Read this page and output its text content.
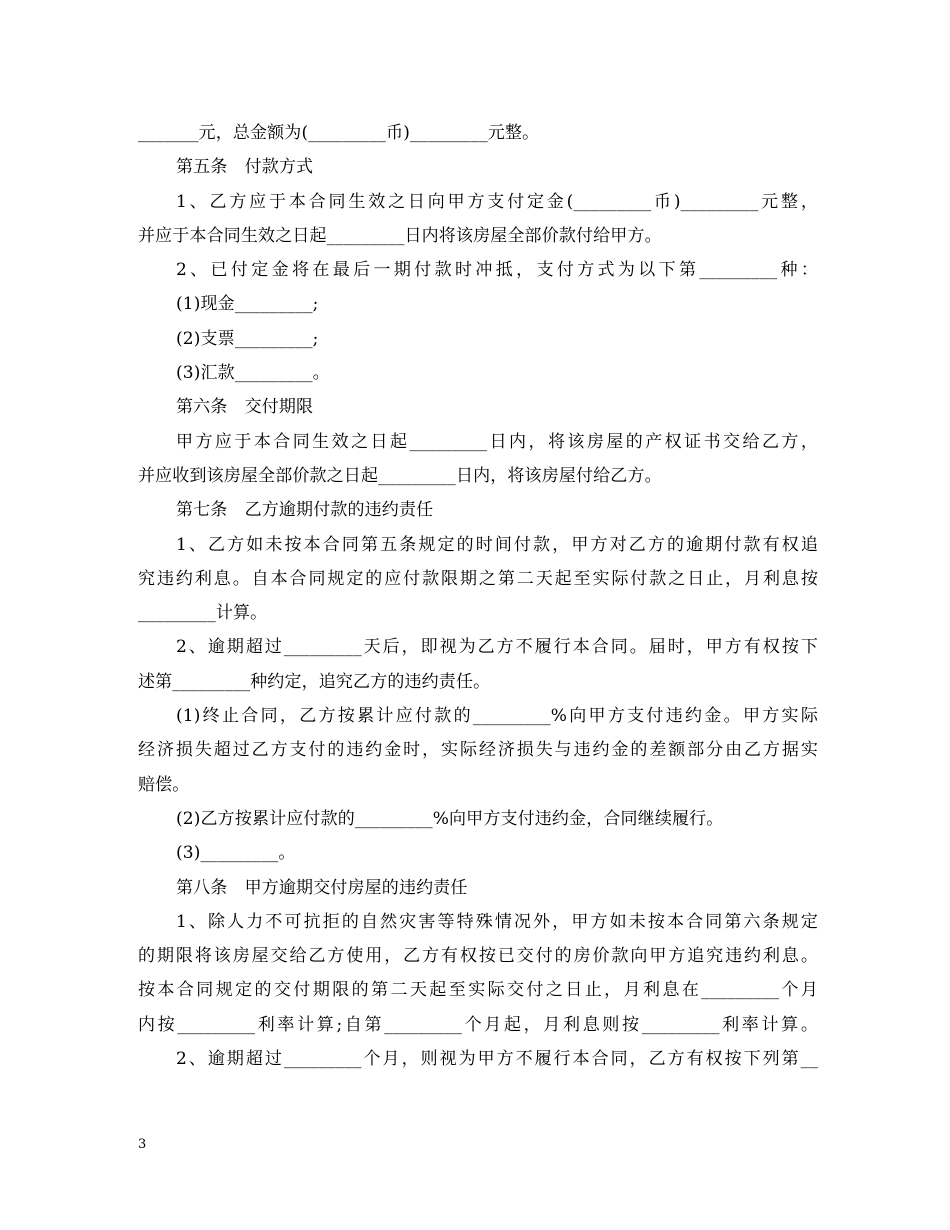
_______元，总金额为(_________币)_________元整。
第五条　付款方式
1、乙方应于本合同生效之日向甲方支付定金(_________币)_________元整，
并应于本合同生效之日起_________日内将该房屋全部价款付给甲方。
2、已付定金将在最后一期付款时冲抵，支付方式为以下第_________种：
(1)现金_________;
(2)支票_________;
(3)汇款_________。
第六条　交付期限
甲方应于本合同生效之日起_________日内，将该房屋的产权证书交给乙方，
并应收到该房屋全部价款之日起_________日内，将该房屋付给乙方。
第七条　乙方逾期付款的违约责任
1、乙方如未按本合同第五条规定的时间付款，甲方对乙方的逾期付款有权追
究违约利息。自本合同规定的应付款限期之第二天起至实际付款之日止，月利息按
_________计算。
2、逾期超过_________天后，即视为乙方不履行本合同。届时，甲方有权按下
述第_________种约定，追究乙方的违约责任。
(1)终止合同，乙方按累计应付款的_________%向甲方支付违约金。甲方实际
经济损失超过乙方支付的违约金时，实际经济损失与违约金的差额部分由乙方据实
赔偿。
(2)乙方按累计应付款的_________%向甲方支付违约金，合同继续履行。
(3)_________。
第八条　甲方逾期交付房屋的违约责任
1、除人力不可抗拒的自然灾害等特殊情况外，甲方如未按本合同第六条规定
的期限将该房屋交给乙方使用，乙方有权按已交付的房价款向甲方追究违约利息。
按本合同规定的交付期限的第二天起至实际交付之日止，月利息在_________个月
内按_________利率计算;自第_________个月起，月利息则按_________利率计算。
2、逾期超过_________个月，则视为甲方不履行本合同，乙方有权按下列第__
3
